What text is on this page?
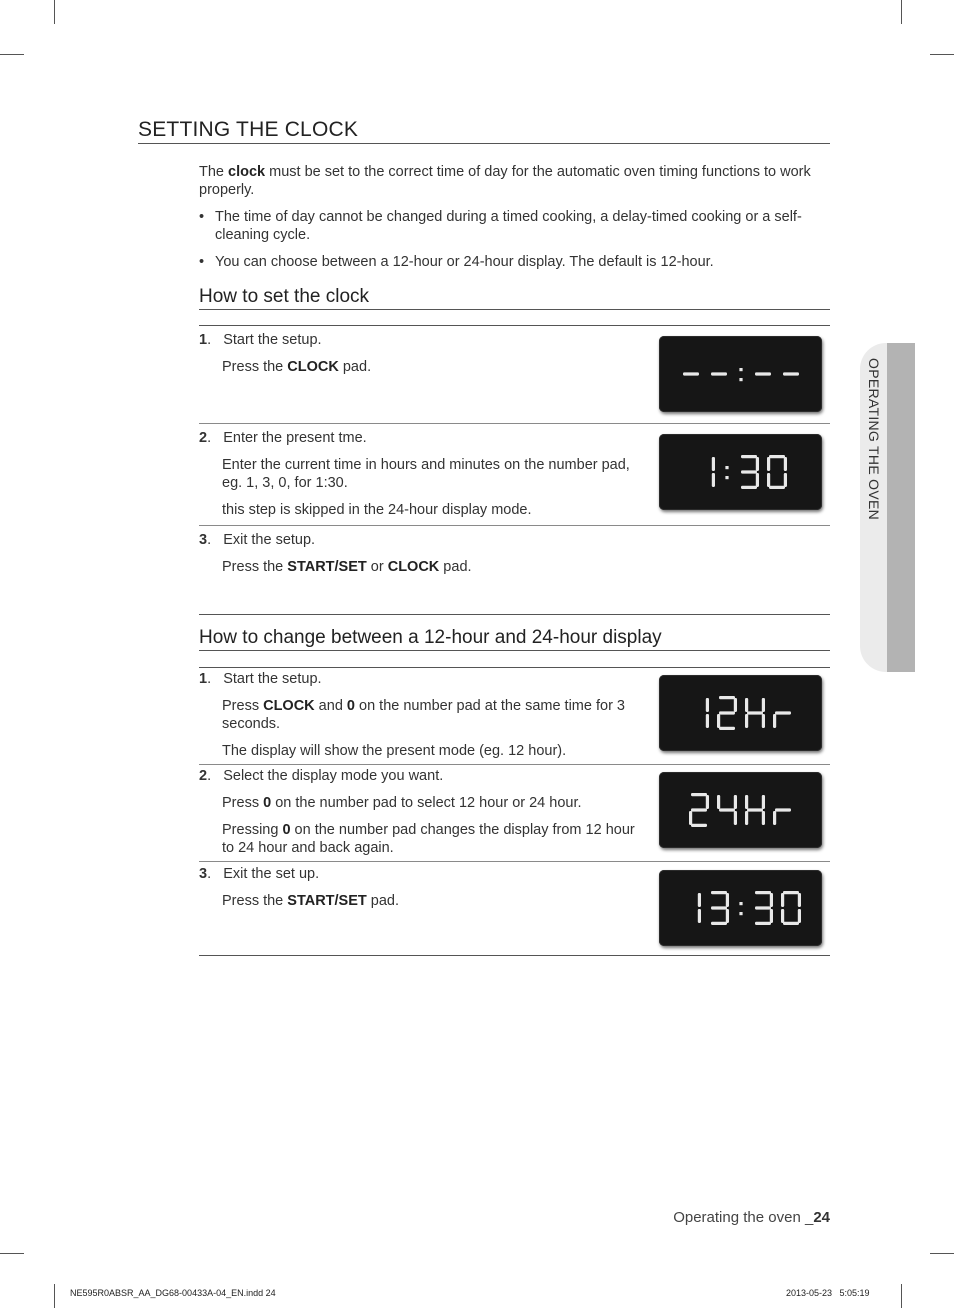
SETTING THE CLOCK
The clock must be set to the correct time of day for the automatic oven timing functions to work properly.
• The time of day cannot be changed during a timed cooking, a delay-timed cooking or a self-cleaning cycle.
• You can choose between a 12-hour or 24-hour display. The default is 12-hour.
How to set the clock

1.   Start the setup.

Press the CLOCK pad.

2.   Enter the present tme.

Enter the current time in hours and minutes on the number pad, eg. 1, 3, 0, for 1:30.

this step is skipped in the 24-hour display mode.

3.   Exit the setup.

Press the START/SET or CLOCK pad.

How to change between a 12-hour and 24-hour display

1.   Start the setup.

Press CLOCK and 0 on the number pad at the same time for 3 seconds.

The display will show the present mode (eg. 12 hour).

2.   Select the display mode you want.

Press 0 on the number pad to select 12 hour or 24 hour.

Pressing 0 on the number pad changes the display from 12 hour to 24 hour and back again.

3.   Exit the set up.

Press the START/SET pad.

OPERATING THE OVEN
Operating the oven _24
NE595R0ABSR_AA_DG68-00433A-04_EN.indd 24	2013-05-23   5:05:19
